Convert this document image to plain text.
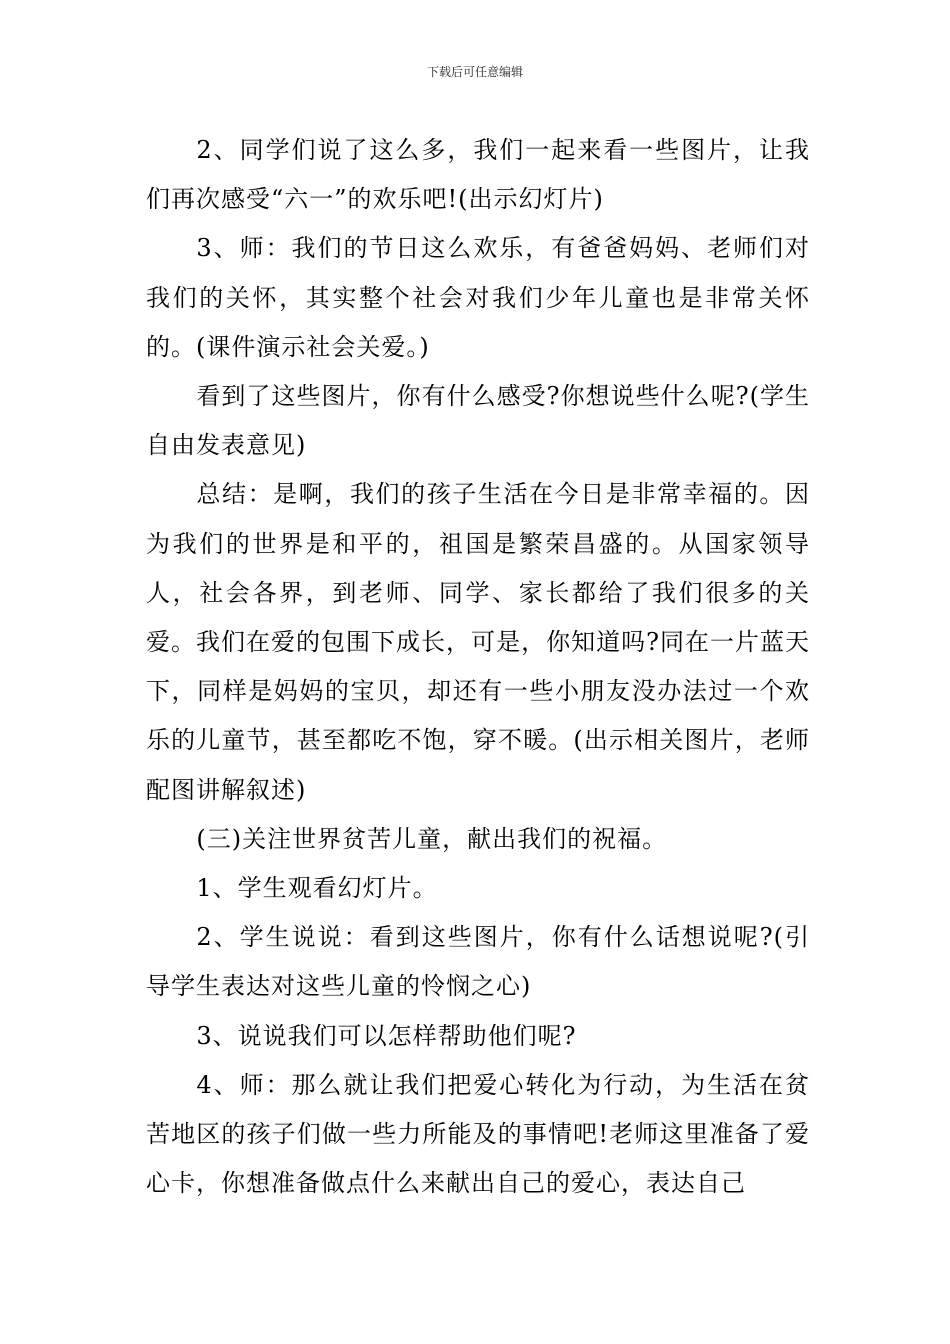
下载后可任意编辑

2、同学们说了这么多，我们一起来看一些图片，让我们再次感受“六一”的欢乐吧!(出示幻灯片)

3、师：我们的节日这么欢乐，有爸爸妈妈、老师们对我们的关怀，其实整个社会对我们少年儿童也是非常关怀的。(课件演示社会关爱。)

看到了这些图片，你有什么感受?你想说些什么呢?(学生自由发表意见)

总结：是啊，我们的孩子生活在今日是非常幸福的。因为我们的世界是和平的，祖国是繁荣昌盛的。从国家领导人，社会各界，到老师、同学、家长都给了我们很多的关爱。我们在爱的包围下成长，可是，你知道吗?同在一片蓝天下，同样是妈妈的宝贝，却还有一些小朋友没办法过一个欢乐的儿童节，甚至都吃不饱，穿不暖。(出示相关图片，老师配图讲解叙述)

(三)关注世界贫苦儿童，献出我们的祝福。

1、学生观看幻灯片。

2、学生说说：看到这些图片，你有什么话想说呢?(引导学生表达对这些儿童的怜悯之心)

3、说说我们可以怎样帮助他们呢?

4、师：那么就让我们把爱心转化为行动，为生活在贫苦地区的孩子们做一些力所能及的事情吧!老师这里准备了爱心卡，你想准备做点什么来献出自己的爱心，表达自己
